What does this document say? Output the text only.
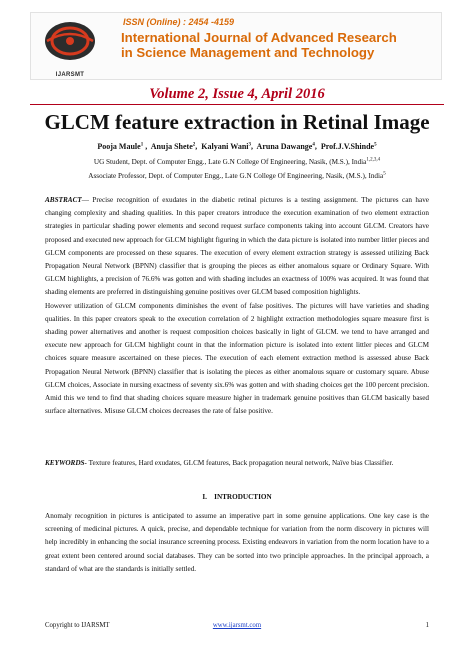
IJARSMT
ISSN (Online) : 2454 -4159
International Journal of Advanced Research
in Science Management and Technology
Volume 2, Issue 4, April 2016
GLCM feature extraction in Retinal Image
Pooja Maule$^1$ ,  Anuja Shete$^2$,  Kalyani Wani$^3$,  Aruna Dawange$^4$,  Prof.J.V.Shinde$^5$
UG Student, Dept. of Computer Engg., Late G.N College Of Engineering, Nasik, (M.S.), India$^{1,2,3,4}$
Associate Professor, Dept. of Computer Engg., Late G.N College Of Engineering, Nasik, (M.S.), India$^5$

ABSTRACT— Precise recognition of exudates in the diabetic retinal pictures is a testing assignment. The pictures can have changing complexity and shading qualities. In this paper creators introduce the execution examination of two element extraction strategies in particular shading power elements and second request surface components taking into account GLCM. Creators have proposed and executed new approach for GLCM highlight figuring in which the data picture is isolated into number littler pieces and GLCM components are processed on these squares. The execution of every element extraction strategy is assessed utilizing Back Propagation Neural Network (BPNN) classifier that is grouping the pieces as either anomalous square or Ordinary Square. With GLCM highlights, a precision of 76.6% was gotten and with shading includes an exactness of 100% was acquired. It was found that shading elements are preferred in distinguishing genuine positives over GLCM based composition highlights.

However utilization of GLCM components diminishes the event of false positives. The pictures will have varieties and shading qualities. In this paper creators speak to the execution correlation of 2 highlight extraction methodologies square measure first is shading power alternatives and another is request composition choices basically in light of GLCM. we tend to have arranged and execute new approach for GLCM highlight count in that the information picture is isolated into extent littler pieces and GLCM choices square measure ascertained on these pieces. The execution of each element extraction method is assessed abuse Back Propagation Neural Network (BPNN) classifier that is isolating the pieces as either anomalous square or customary square. Abuse GLCM choices, Associate in nursing exactness of seventy six.6% was gotten and with shading choices get the 100 percent precision. Amid this we tend to find that shading choices square measure higher in trademark genuine positives than GLCM basically based surface alternatives. Misuse GLCM choices decreases the rate of false positive.

KEYWORDS- Texture features, Hard exudates, GLCM features, Back propagation neural network, Naïve bias Classifier.

I. INTRODUCTION

Anomaly recognition in pictures is anticipated to assume an imperative part in some genuine applications. One key case is the screening of medicinal pictures. A quick, precise, and dependable technique for variation from the norm discovery in pictures will help incredibly in enhancing the social insurance screening process. Existing endeavors in variation from the norm location have to a great extent been centered around social databases. They can be sorted into two principle approaches. In the principal approach, a standard of what are the standards is initially settled.

Copyright to IJARSMT	www.ijarsmt.com	1
